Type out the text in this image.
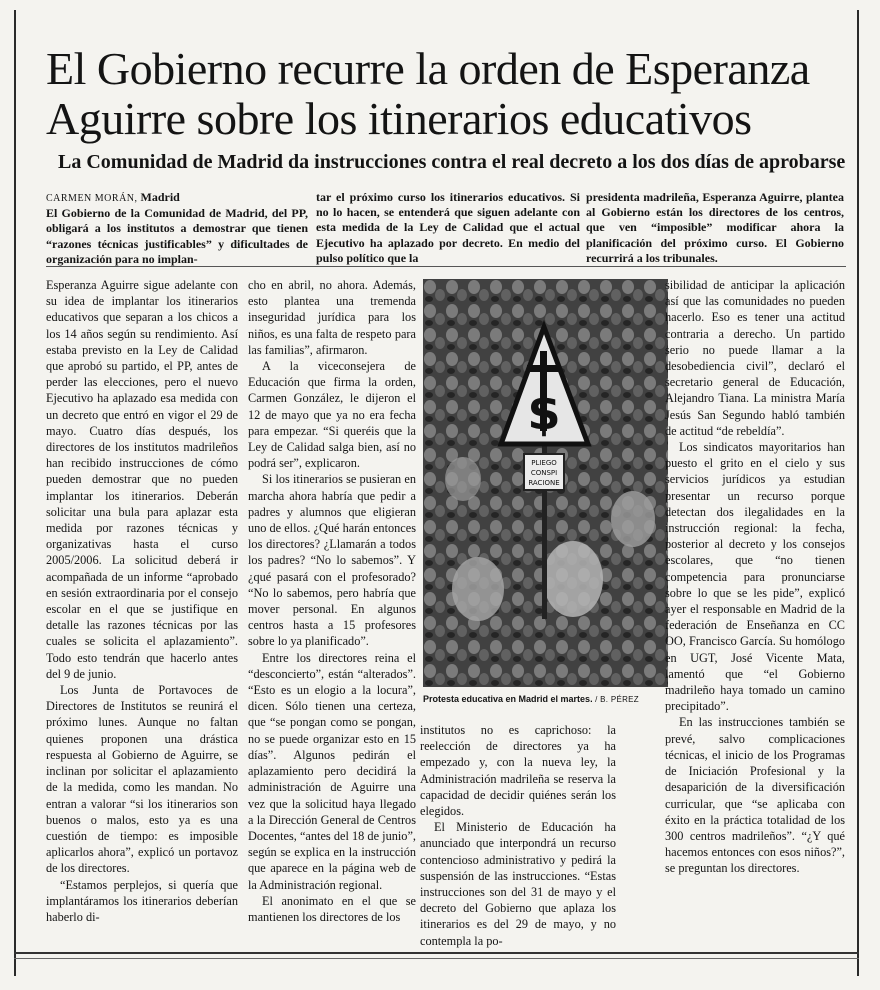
El Gobierno recurre la orden de Esperanza
Aguirre sobre los itinerarios educativos
La Comunidad de Madrid da instrucciones contra el real decreto a los dos días de aprobarse
CARMEN MORÁN, Madrid
El Gobierno de la Comunidad de Madrid, del PP, obligará a los institutos a demostrar que tienen “razones técnicas justificables” y dificultades de organización para no implan-
tar el próximo curso los itinerarios educativos. Si no lo hacen, se entenderá que siguen adelante con esta medida de la Ley de Calidad que el actual Ejecutivo ha aplazado por decreto. En medio del pulso político que la
presidenta madrileña, Esperanza Aguirre, plantea al Gobierno están los directores de los centros, que ven “imposible” modificar ahora la planificación del próximo curso. El Gobierno recurrirá a los tribunales.

Esperanza Aguirre sigue adelante con su idea de implantar los itinerarios educativos que separan a los chicos a los 14 años según su rendimiento. Así estaba previsto en la Ley de Calidad que aprobó su partido, el PP, antes de perder las elecciones, pero el nuevo Ejecutivo ha aplazado esa medida con un decreto que entró en vigor el 29 de mayo. Cuatro días después, los directores de los institutos madrileños han recibido instrucciones de cómo pueden demostrar que no pueden implantar los itinerarios. Deberán solicitar una bula para aplazar esta medida por razones técnicas y organizativas hasta el curso 2005/2006. La solicitud deberá ir acompañada de un informe “aprobado en sesión extraordinaria por el consejo escolar en el que se justifique en detalle las razones técnicas por las cuales se solicita el aplazamiento”. Todo esto tendrán que hacerlo antes del 9 de junio.

Los Junta de Portavoces de Directores de Institutos se reunirá el próximo lunes. Aunque no faltan quienes proponen una drástica respuesta al Gobierno de Aguirre, se inclinan por solicitar el aplazamiento de la medida, como les mandan. No entran a valorar “si los itinerarios son buenos o malos, esto ya es una cuestión de tiempo: es imposible aplicarlos ahora”, explicó un portavoz de los directores.

“Estamos perplejos, si quería que implantáramos los itinerarios deberían haberlo di-

cho en abril, no ahora. Además, esto plantea una tremenda inseguridad jurídica para los niños, es una falta de respeto para las familias”, afirmaron.

A la viceconsejera de Educación que firma la orden, Carmen González, le dijeron el 12 de mayo que ya no era fecha para empezar. “Si queréis que la Ley de Calidad salga bien, así no podrá ser”, explicaron.

Si los itinerarios se pusieran en marcha ahora habría que pedir a padres y alumnos que eligieran uno de ellos. ¿Qué harán entonces los directores? ¿Llamarán a todos los padres? “No lo sabemos”. Y ¿qué pasará con el profesorado? “No lo sabemos, pero habría que mover personal. En algunos centros hasta a 15 profesores sobre lo ya planificado”.

Entre los directores reina el “desconcierto”, están “alterados”. “Esto es un elogio a la locura”, dicen. Sólo tienen una certeza, que “se pongan como se pongan, no se puede organizar esto en 15 días”. Algunos pedirán el aplazamiento pero decidirá la administración de Aguirre una vez que la solicitud haya llegado a la Dirección General de Centros Docentes, “antes del 18 de junio”, según se explica en la instrucción que aparece en la página web de la Administración regional.

El anonimato en el que se mantienen los directores de los

$
PLIEGO
CONSPI
RACIONE
Protesta educativa en Madrid el martes. / B. PÉREZ

institutos no es caprichoso: la reelección de directores ya ha empezado y, con la nueva ley, la Administración madrileña se reserva la capacidad de decidir quiénes serán los elegidos.

El Ministerio de Educación ha anunciado que interpondrá un recurso contencioso administrativo y pedirá la suspensión de las instrucciones. “Estas instrucciones son del 31 de mayo y el decreto del Gobierno que aplaza los itinerarios es del 29 de mayo, y no contempla la po-

sibilidad de anticipar la aplicación así que las comunidades no pueden hacerlo. Eso es tener una actitud contraria a derecho. Un partido serio no puede llamar a la desobediencia civil”, declaró el secretario general de Educación, Alejandro Tiana. La ministra María Jesús San Segundo habló también de actitud “de rebeldía”.

Los sindicatos mayoritarios han puesto el grito en el cielo y sus servicios jurídicos ya estudian presentar un recurso porque detectan dos ilegalidades en la instrucción regional: la fecha, posterior al decreto y los consejos escolares, que “no tienen competencia para pronunciarse sobre lo que se les pide”, explicó ayer el responsable en Madrid de la federación de Enseñanza en CC OO, Francisco García. Su homólogo en UGT, José Vicente Mata, lamentó que “el Gobierno madrileño haya tomado un camino precipitado”.

En las instrucciones también se prevé, salvo complicaciones técnicas, el inicio de los Programas de Iniciación Profesional y la desaparición de la diversificación curricular, que “se aplicaba con éxito en la práctica totalidad de los 300 centros madrileños”. “¿Y qué hacemos entonces con esos niños?”, se preguntan los directores.
